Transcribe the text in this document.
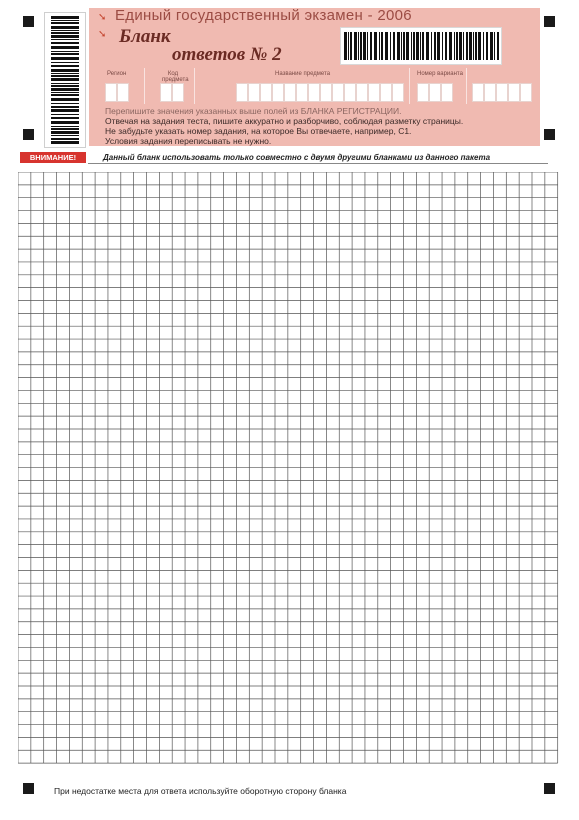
➘
➘
Единый государственный экзамен - 2006
Бланк
ответов № 2
Регион	Код предмета
Название предмета	Номер варианта
Перепишите значения указанных выше полей из БЛАНКА РЕГИСТРАЦИИ.
Отвечая на задания теста, пишите аккуратно и разборчиво, соблюдая разметку страницы.
Не забудьте указать номер задания, на которое Вы отвечаете, например, С1.
Условия задания переписывать не нужно.
ВНИМАНИЕ!	Данный бланк использовать только совместно с двумя другими бланками из данного пакета
При недостатке места для ответа используйте оборотную сторону бланка
